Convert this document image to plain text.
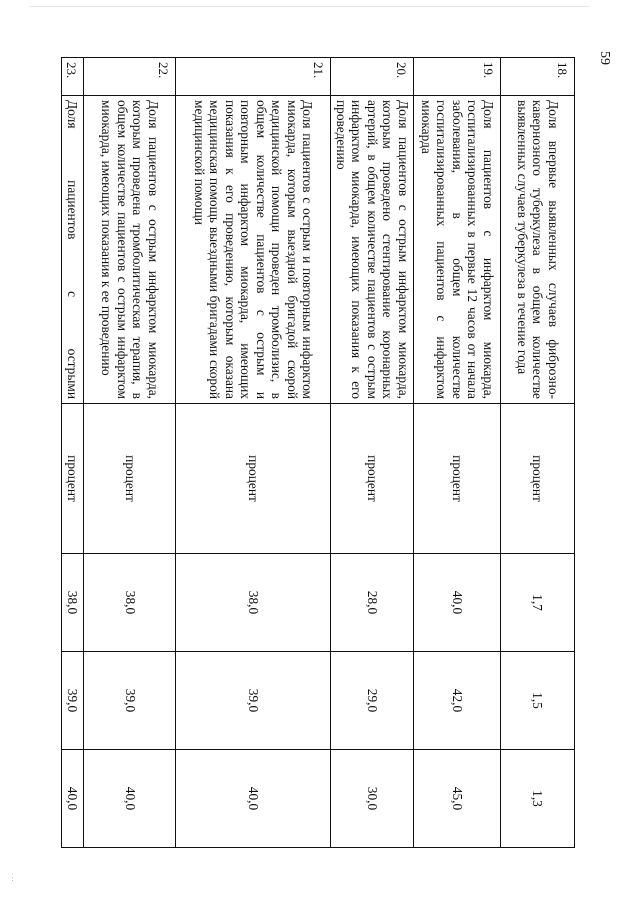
59
⋮
18.	Доля впервые выявленных случаев фиброзно-кавернозного туберкулеза в общем количестве выявленных случаев туберкулеза в течение года	процент	1,7	1,5	1,3
19.	Доля пациентов с инфарктом миокарда, госпитализированных в первые 12 часов от начала заболевания, в общем количестве госпитализированных пациентов с инфарктом миокарда	процент	40,0	42,0	45,0
20.	Доля пациентов с острым инфарктом миокарда, которым проведено стентирование коронарных артерий, в общем количестве пациентов с острым инфарктом миокарда, имеющих показания к его проведению	процент	28,0	29,0	30,0
21.	Доля пациентов с острым и повторным инфарктом миокарда, которым выездной бригадой скорой медицинской помощи проведен тромболизис, в общем количестве пациентов с острым и повторным инфарктом миокарда, имеющих показания к его проведению, которым оказана медицинская помощь выездными бригадами скорой медицинской помощи	процент	38,0	39,0	40,0
22.	Доля пациентов с острым инфарктом миокарда, которым проведена тромболитическая терапия, в общем количестве пациентов с острым инфарктом миокарда, имеющих показания к ее проведению	процент	38,0	39,0	40,0
23.	Доля пациентов с острыми	процент	38,0	39,0	40,0
